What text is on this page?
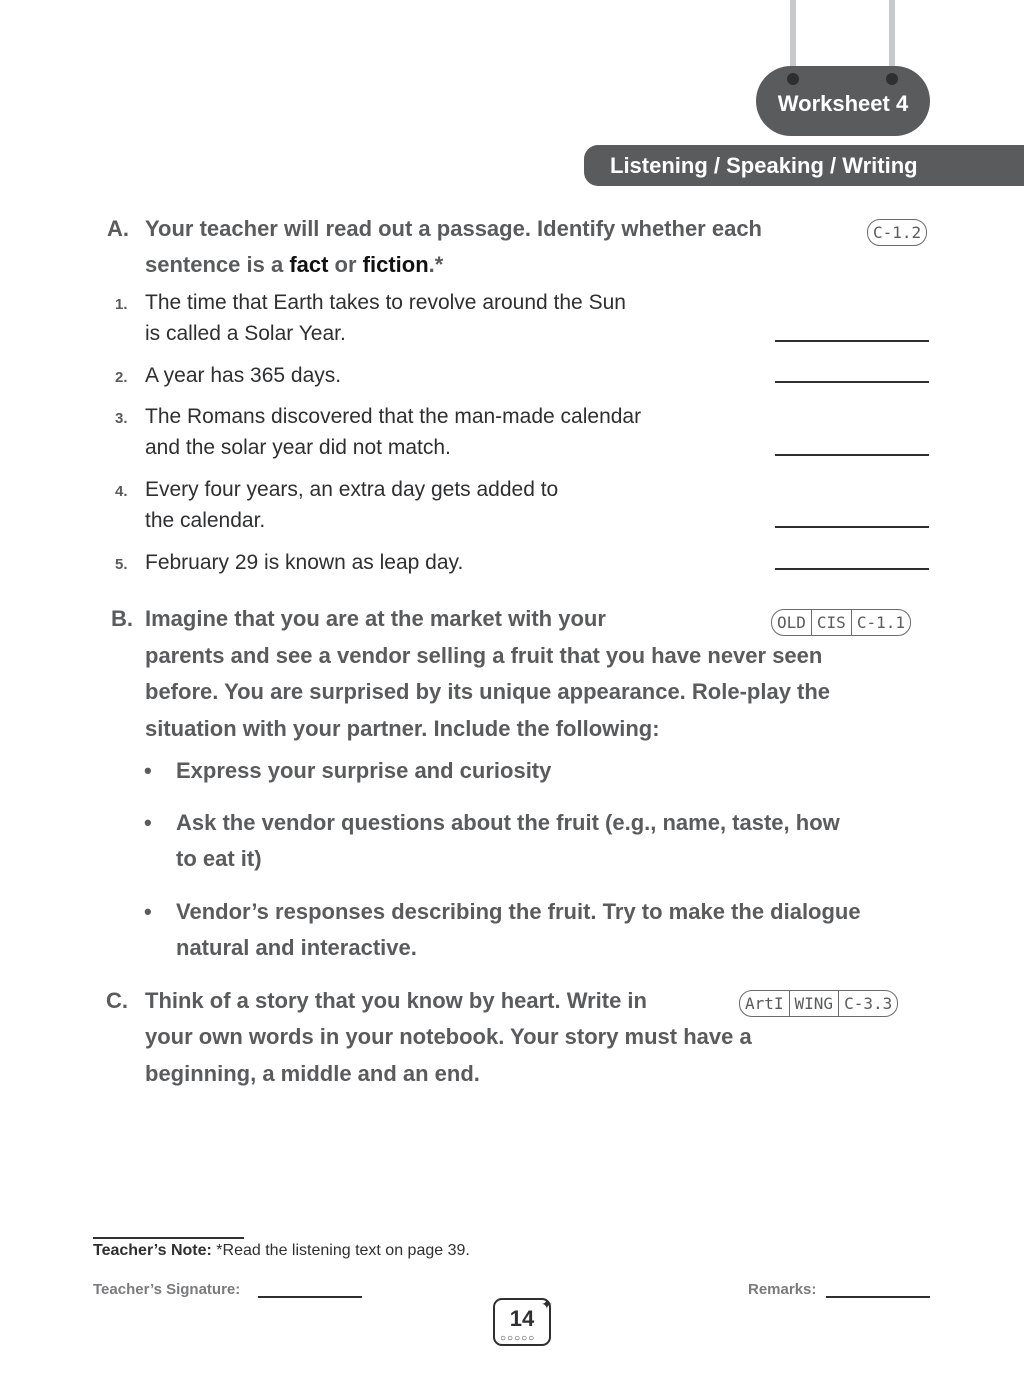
Worksheet 4
Listening / Speaking / Writing
A. Your teacher will read out a passage. Identify whether each
sentence is a fact or fiction.*
C-1.2
1. The time that Earth takes to revolve around the Sun
is called a Solar Year.
2. A year has 365 days.
3. The Romans discovered that the man-made calendar
and the solar year did not match.
4. Every four years, an extra day gets added to
the calendar.
5. February 29 is known as leap day.
B. Imagine that you are at the market with your
parents and see a vendor selling a fruit that you have never seen
before. You are surprised by its unique appearance. Role-play the
situation with your partner. Include the following:
OLD CIS C-1.1
• Express your surprise and curiosity
• Ask the vendor questions about the fruit (e.g., name, taste, how
to eat it)
• Vendor’s responses describing the fruit. Try to make the dialogue
natural and interactive.
C. Think of a story that you know by heart. Write in
your own words in your notebook. Your story must have a
beginning, a middle and an end.
ArtI WING C-3.3
Teacher’s Note: *Read the listening text on page 39.
Teacher’s Signature:	Remarks:
14
○○○○○
✦
